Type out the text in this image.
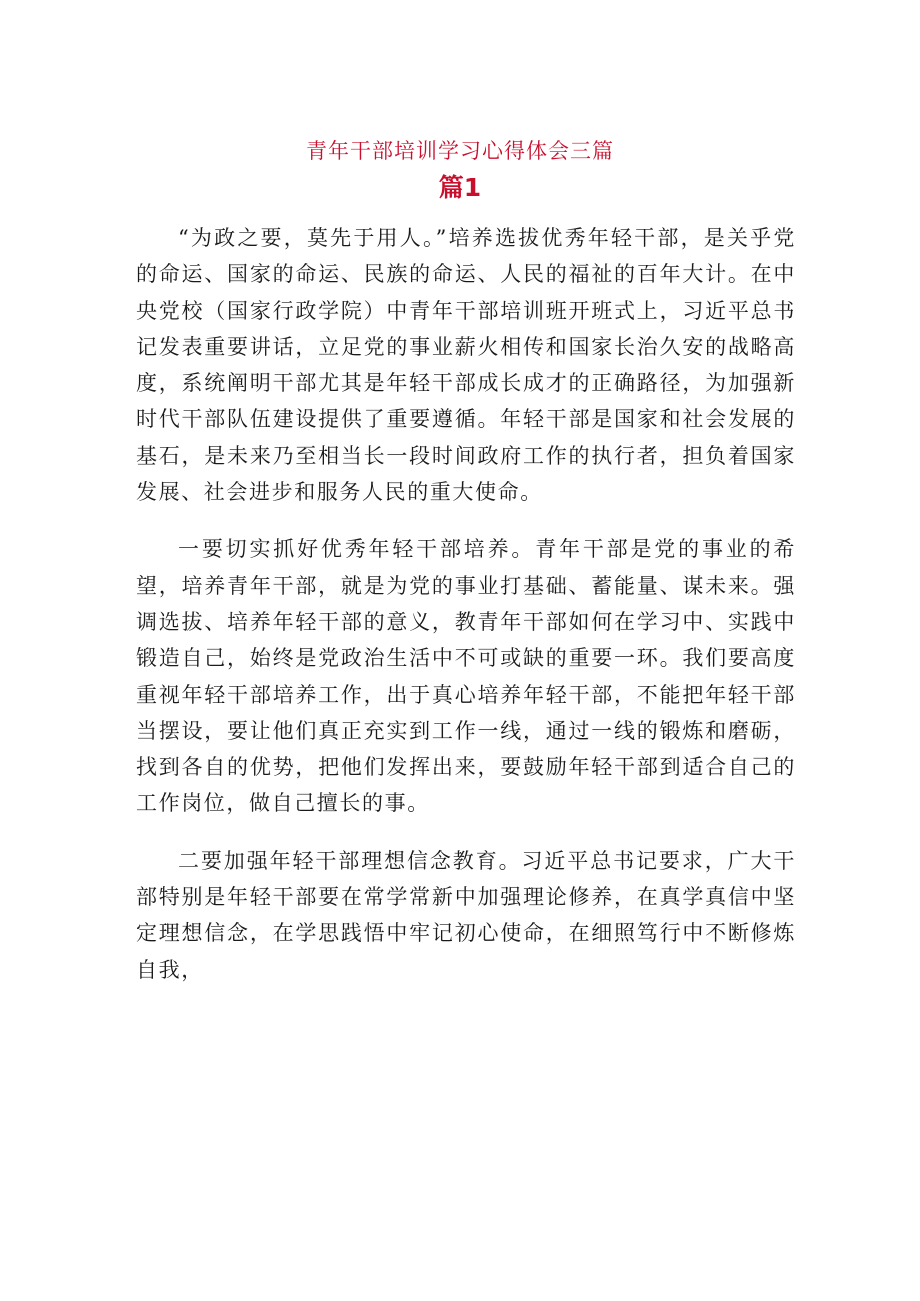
青年干部培训学习心得体会三篇
篇1

“为政之要，莫先于用人。”培养选拔优秀年轻干部，是关乎党的命运、国家的命运、民族的命运、人民的福祉的百年大计。在中央党校（国家行政学院）中青年干部培训班开班式上，习近平总书记发表重要讲话，立足党的事业薪火相传和国家长治久安的战略高度，系统阐明干部尤其是年轻干部成长成才的正确路径，为加强新时代干部队伍建设提供了重要遵循。年轻干部是国家和社会发展的基石，是未来乃至相当长一段时间政府工作的执行者，担负着国家发展、社会进步和服务人民的重大使命。

一要切实抓好优秀年轻干部培养。青年干部是党的事业的希望，培养青年干部，就是为党的事业打基础、蓄能量、谋未来。强调选拔、培养年轻干部的意义，教青年干部如何在学习中、实践中锻造自己，始终是党政治生活中不可或缺的重要一环。我们要高度重视年轻干部培养工作，出于真心培养年轻干部，不能把年轻干部当摆设，要让他们真正充实到工作一线，通过一线的锻炼和磨砺，找到各自的优势，把他们发挥出来，要鼓励年轻干部到适合自己的工作岗位，做自己擅长的事。

二要加强年轻干部理想信念教育。习近平总书记要求，广大干部特别是年轻干部要在常学常新中加强理论修养，在真学真信中坚定理想信念，在学思践悟中牢记初心使命，在细照笃行中不断修炼自我，
